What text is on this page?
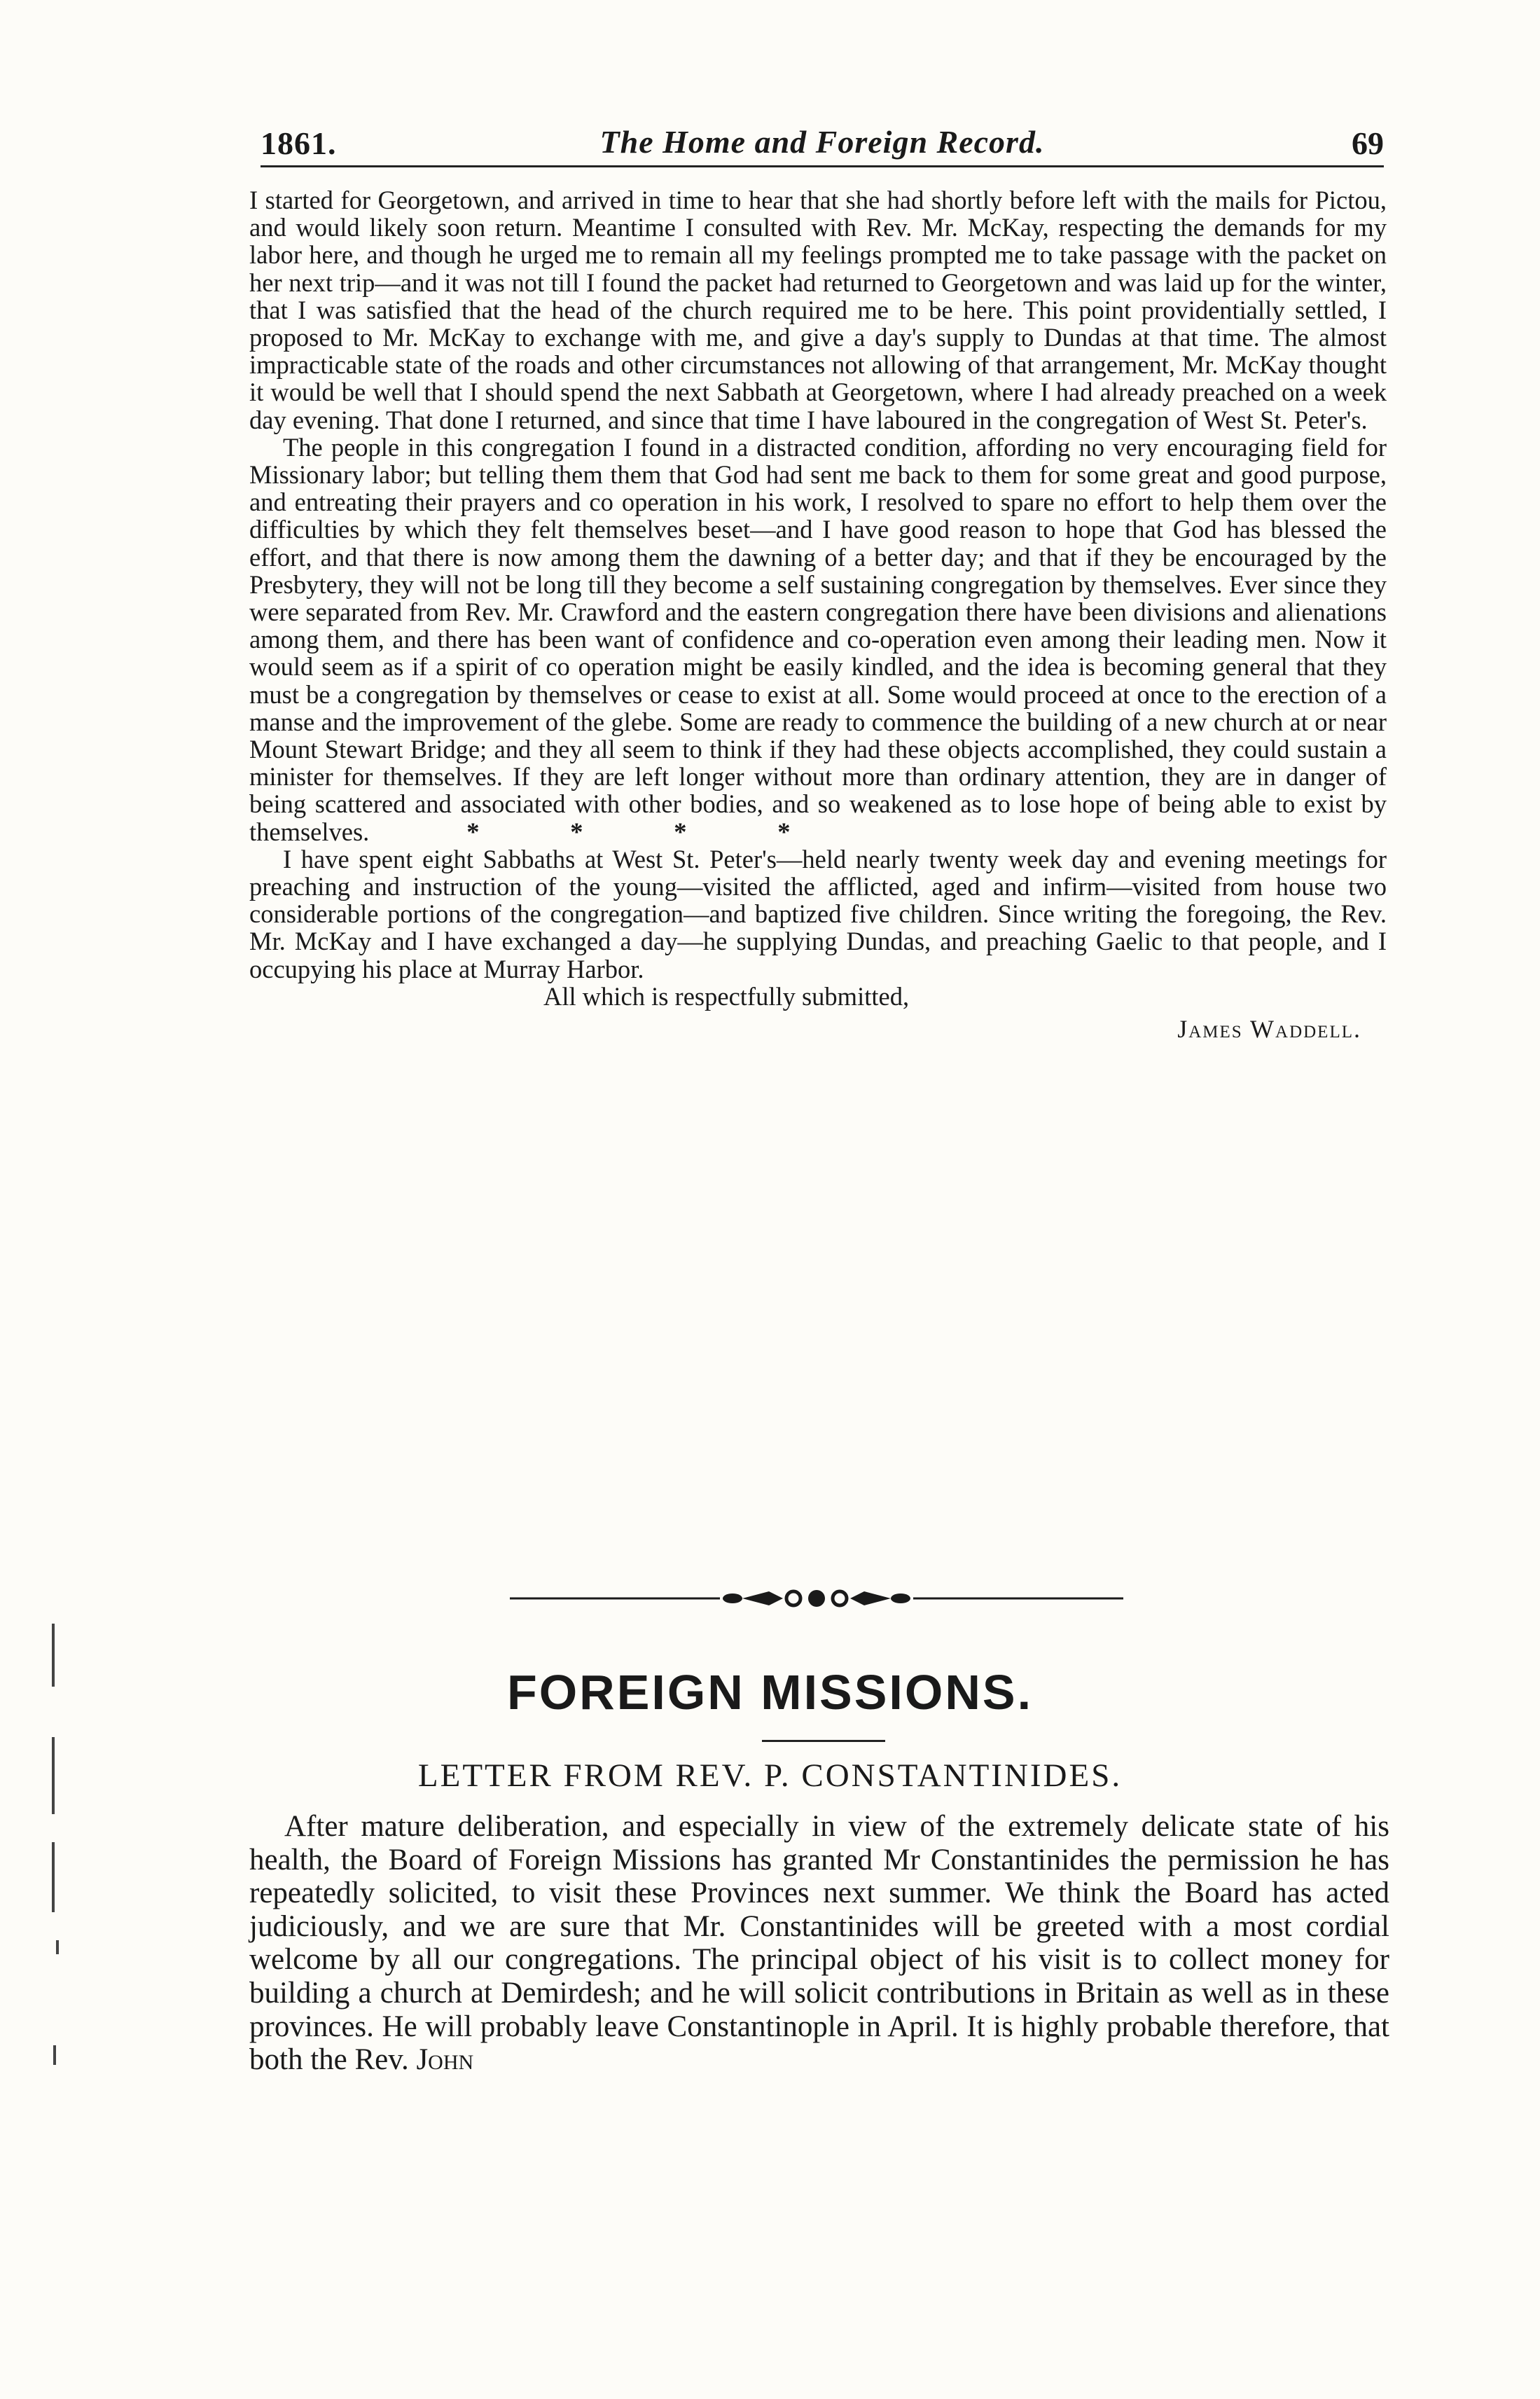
1861.	The Home and Foreign Record.	69

I started for Georgetown, and arrived in time to hear that she had shortly before left with the mails for Pictou, and would likely soon return. Meantime I consulted with Rev. Mr. McKay, respecting the demands for my labor here, and though he urged me to remain all my feelings prompted me to take passage with the packet on her next trip—and it was not till I found the packet had returned to Georgetown and was laid up for the winter, that I was satisfied that the head of the church required me to be here. This point providentially settled, I proposed to Mr. McKay to exchange with me, and give a day's supply to Dundas at that time. The almost impracticable state of the roads and other circumstances not allowing of that arrangement, Mr. McKay thought it would be well that I should spend the next Sabbath at Georgetown, where I had already preached on a week day evening. That done I returned, and since that time I have laboured in the congregation of West St. Peter's.

The people in this congregation I found in a distracted condition, affording no very encouraging field for Missionary labor; but telling them them that God had sent me back to them for some great and good purpose, and entreating their prayers and co operation in his work, I resolved to spare no effort to help them over the difficulties by which they felt themselves beset—and I have good reason to hope that God has blessed the effort, and that there is now among them the dawning of a better day; and that if they be encouraged by the Presbytery, they will not be long till they become a self sustaining congregation by themselves. Ever since they were separated from Rev. Mr. Crawford and the eastern congregation there have been divisions and alienations among them, and there has been want of confidence and co-operation even among their leading men. Now it would seem as if a spirit of co operation might be easily kindled, and the idea is becoming general that they must be a congregation by themselves or cease to exist at all. Some would proceed at once to the erection of a manse and the improvement of the glebe. Some are ready to commence the building of a new church at or near Mount Stewart Bridge; and they all seem to think if they had these objects accomplished, they could sustain a minister for themselves. If they are left longer without more than ordinary attention, they are in danger of being scattered and associated with other bodies, and so weakened as to lose hope of being able to exist by themselves.	*	*	*	*

I have spent eight Sabbaths at West St. Peter's—held nearly twenty week day and evening meetings for preaching and instruction of the young—visited the afflicted, aged and infirm—visited from house two considerable portions of the congregation—and baptized five children. Since writing the foregoing, the Rev. Mr. McKay and I have exchanged a day—he supplying Dundas, and preaching Gaelic to that people, and I occupying his place at Murray Harbor.

All which is respectfully submitted,

James Waddell.
FOREIGN MISSIONS.
LETTER FROM REV. P. CONSTANTINIDES.

After mature deliberation, and especially in view of the extremely delicate state of his health, the Board of Foreign Missions has granted Mr Constantinides the permission he has repeatedly solicited, to visit these Provinces next summer. We think the Board has acted judiciously, and we are sure that Mr. Constantinides will be greeted with a most cordial welcome by all our congregations. The principal object of his visit is to collect money for building a church at Demirdesh; and he will solicit contributions in Britain as well as in these provinces. He will probably leave Constantinople in April. It is highly probable therefore, that both the Rev. John
